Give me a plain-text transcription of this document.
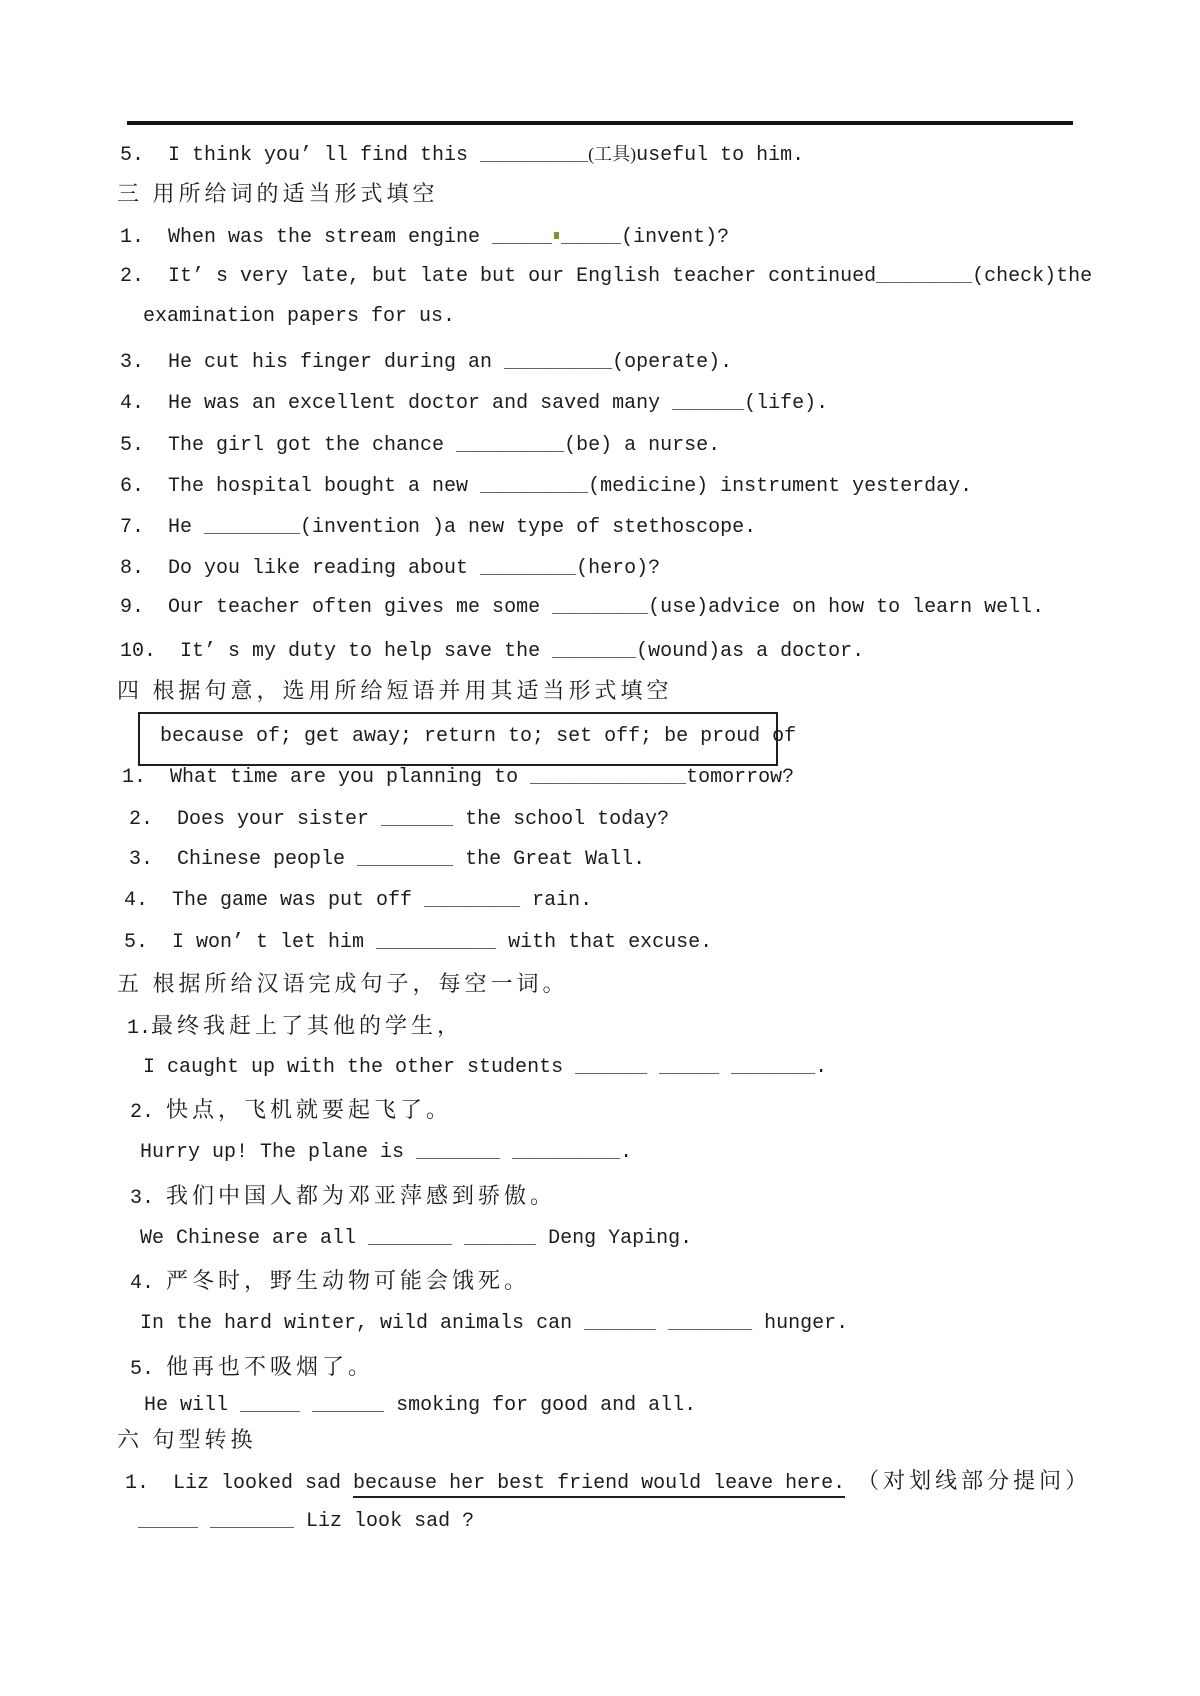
5.  I think you’ ll find this _________(工具)useful to him.
三 用所给词的适当形式填空
1.  When was the stream engine _____ _____(invent)?
2.  It’ s very late, but late but our English teacher continued________(check)the
examination papers for us.
3.  He cut his finger during an _________(operate).
4.  He was an excellent doctor and saved many ______(life).
5.  The girl got the chance _________(be) a nurse.
6.  The hospital bought a new _________(medicine) instrument yesterday.
7.  He ________(invention )a new type of stethoscope.
8.  Do you like reading about ________(hero)?
9.  Our teacher often gives me some ________(use)advice on how to learn well.
10.  It’ s my duty to help save the _______(wound)as a doctor.
四 根据句意，选用所给短语并用其适当形式填空
because of; get away; return to; set off; be proud of
1.  What time are you planning to _____________tomorrow?
2.  Does your sister ______ the school today?
3.  Chinese people ________ the Great Wall.
4.  The game was put off ________ rain.
5.  I won’ t let him __________ with that excuse.
五 根据所给汉语完成句子，每空一词。
1.最终我赶上了其他的学生，
I caught up with the other students ______ _____ _______.
2. 快点，飞机就要起飞了。
Hurry up! The plane is _______ _________.
3. 我们中国人都为邓亚萍感到骄傲。
We Chinese are all _______ ______ Deng Yaping.
4. 严冬时，野生动物可能会饿死。
In the hard winter, wild animals can ______ _______ hunger.
5. 他再也不吸烟了。
He will _____ ______ smoking for good and all.
六 句型转换
1.  Liz looked sad because her best friend would leave here. （对划线部分提问）
_____ _______ Liz look sad ?
